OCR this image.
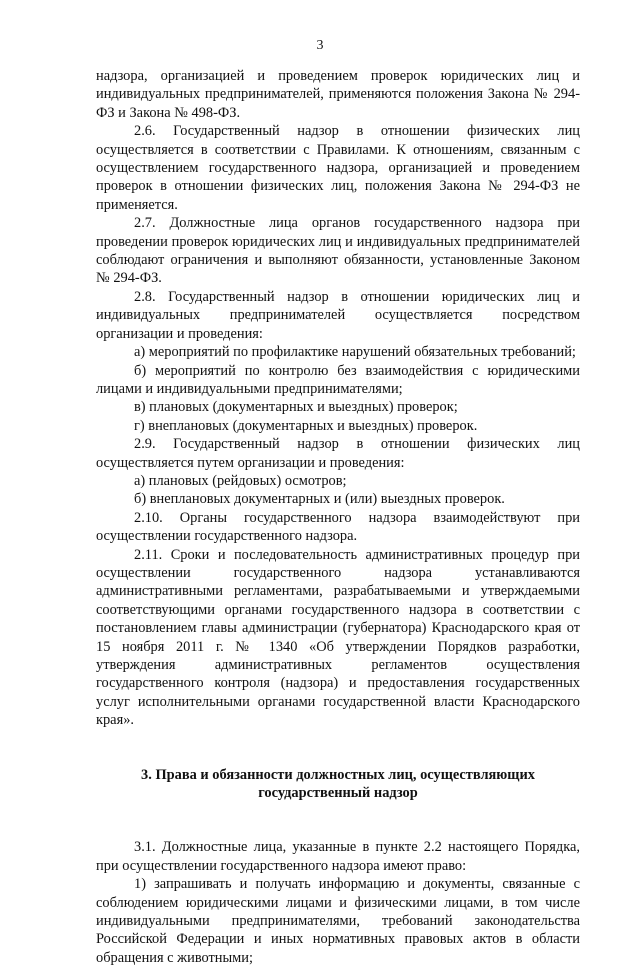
3

надзора, организацией и проведением проверок юридических лиц и индивидуальных предпринимателей, применяются положения Закона № 294-ФЗ и Закона № 498-ФЗ.

2.6. Государственный надзор в отношении физических лиц осуществляется в соответствии с Правилами. К отношениям, связанным с осуществлением государственного надзора, организацией и проведением проверок в отношении физических лиц, положения Закона № 294-ФЗ не применяется.

2.7. Должностные лица органов государственного надзора при проведении проверок юридических лиц и индивидуальных предпринимателей соблюдают ограничения и выполняют обязанности, установленные Законом № 294-ФЗ.

2.8. Государственный надзор в отношении юридических лиц и индивидуальных предпринимателей осуществляется посредством организации и проведения:

а) мероприятий по профилактике нарушений обязательных требований;

б) мероприятий по контролю без взаимодействия с юридическими лицами и индивидуальными предпринимателями;

в) плановых (документарных и выездных) проверок;

г) внеплановых (документарных и выездных) проверок.

2.9. Государственный надзор в отношении физических лиц осуществляется путем организации и проведения:

а) плановых (рейдовых) осмотров;

б) внеплановых документарных и (или) выездных проверок.

2.10. Органы государственного надзора взаимодействуют при осуществлении государственного надзора.

2.11. Сроки и последовательность административных процедур при осуществлении государственного надзора устанавливаются административными регламентами, разрабатываемыми и утверждаемыми соответствующими органами государственного надзора в соответствии с постановлением главы администрации (губернатора) Краснодарского края от 15 ноября 2011 г. № 1340 «Об утверждении Порядков разработки, утверждения административных регламентов осуществления государственного контроля (надзора) и предоставления государственных услуг исполнительными органами государственной власти Краснодарского края».

3. Права и обязанности должностных лиц, осуществляющих
государственный надзор

3.1. Должностные лица, указанные в пункте 2.2 настоящего Порядка, при осуществлении государственного надзора имеют право:

1) запрашивать и получать информацию и документы, связанные с соблюдением юридическими лицами и физическими лицами, в том числе индивидуальными предпринимателями, требований законодательства Российской Федерации и иных нормативных правовых актов в области обращения с животными;
